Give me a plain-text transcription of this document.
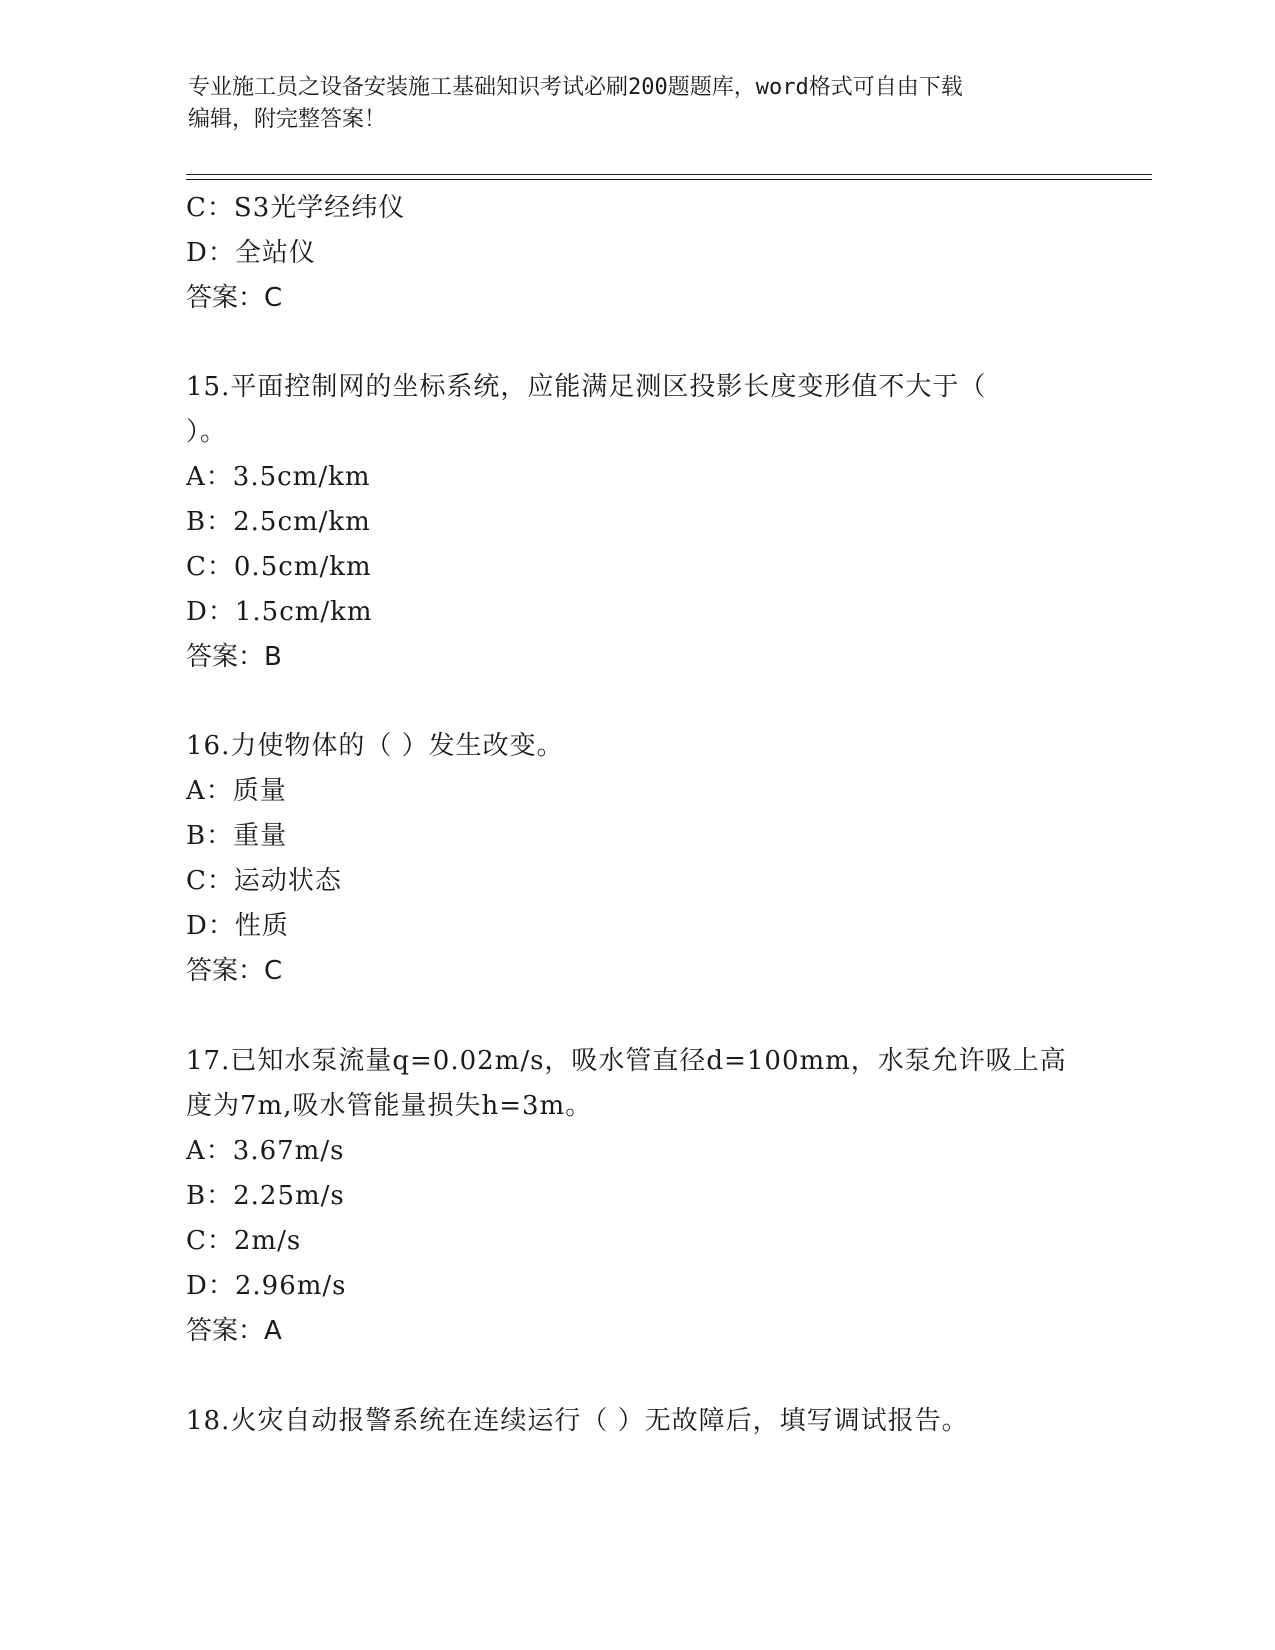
专业施工员之设备安装施工基础知识考试必刷200题题库，word格式可自由下载
编辑，附完整答案！
C：S3光学经纬仪
D：全站仪
答案：C
15.平面控制网的坐标系统，应能满足测区投影长度变形值不大于（
）。
A：3.5cm/km
B：2.5cm/km
C：0.5cm/km
D：1.5cm/km
答案：B
16.力使物体的（ ）发生改变。
A：质量
B：重量
C：运动状态
D：性质
答案：C
17.已知水泵流量q=0.02m/s，吸水管直径d=100mm，水泵允许吸上高
度为7m,吸水管能量损失h=3m。
A：3.67m/s
B：2.25m/s
C：2m/s
D：2.96m/s
答案：A
18.火灾自动报警系统在连续运行（ ）无故障后，填写调试报告。
